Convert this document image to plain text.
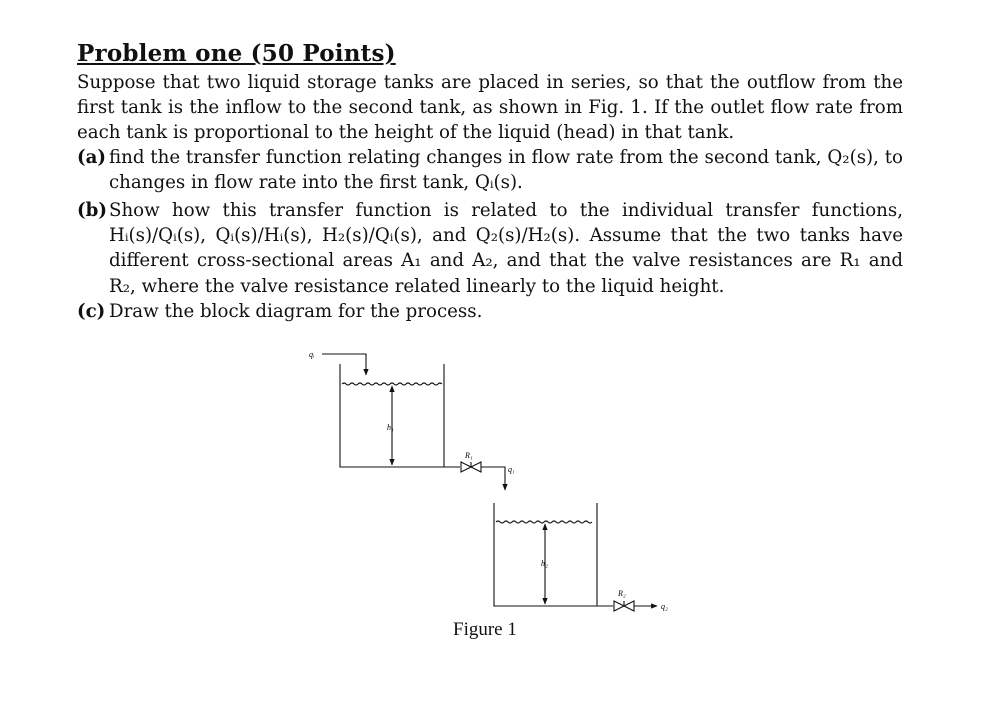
Problem one (50 Points)
Suppose that two liquid storage tanks are placed in series, so that the outflow from the first tank is the inflow to the second tank, as shown in Fig. 1. If the outlet flow rate from each tank is proportional to the height of the liquid (head) in that tank.
(a) find the transfer function relating changes in flow rate from the second tank, Q₂(s), to changes in flow rate into the first tank, Qᵢ(s).
(b) Show how this transfer function is related to the individual transfer functions, Hᵢ(s)/Qᵢ(s), Qᵢ(s)/Hᵢ(s), H₂(s)/Qᵢ(s), and Q₂(s)/H₂(s). Assume that the two tanks have different cross-sectional areas A₁ and A₂, and that the valve resistances are R₁ and R₂, where the valve resistance related linearly to the liquid height.
(c) Draw the block diagram for the process.
qᵢ
h₁
R₁
q₁
h₂
R₂
q₂
Figure 1
